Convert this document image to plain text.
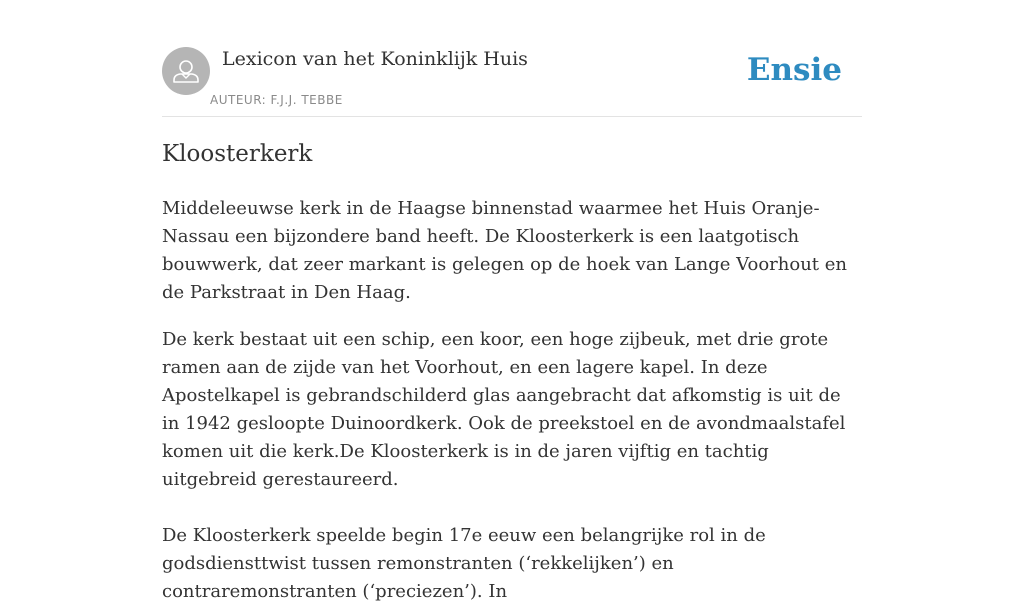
Lexicon van het Koninklijk Huis
AUTEUR: F.J.J. TEBBE
Ensie
Kloosterkerk

Middeleeuwse kerk in de Haagse binnenstad waarmee het Huis Oranje-Nassau een bijzondere band heeft. De Kloosterkerk is een laatgotisch bouwwerk, dat zeer markant is gelegen op de hoek van Lange Voorhout en de Parkstraat in Den Haag.

De kerk bestaat uit een schip, een koor, een hoge zijbeuk, met drie grote ramen aan de zijde van het Voorhout, en een lagere kapel. In deze Apostelkapel is gebrandschilderd glas aangebracht dat afkomstig is uit de in 1942 gesloopte Duinoordkerk. Ook de preekstoel en de avondmaalstafel komen uit die kerk.De Kloosterkerk is in de jaren vijftig en tachtig uitgebreid gerestaureerd.

De Kloosterkerk speelde begin 17e eeuw een belangrijke rol in de godsdiensttwist tussen remonstranten (‘rekkelijken’) en contraremonstranten (‘preciezen’). In
